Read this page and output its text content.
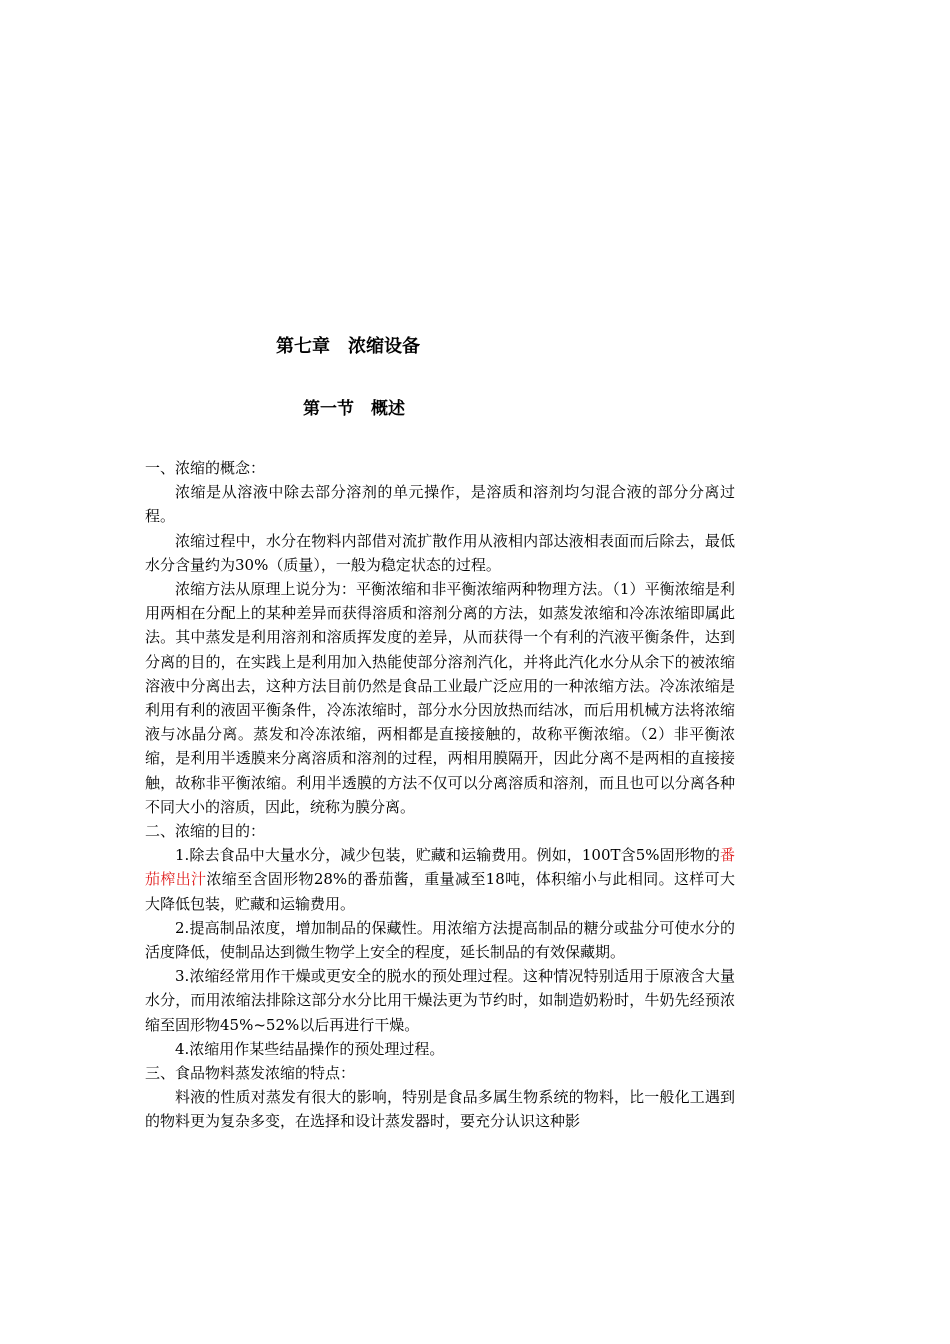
第七章　浓缩设备
第一节　概述

一、浓缩的概念：

浓缩是从溶液中除去部分溶剂的单元操作，是溶质和溶剂均匀混合液的部分分离过程。

浓缩过程中，水分在物料内部借对流扩散作用从液相内部达液相表面而后除去，最低水分含量约为30%（质量），一般为稳定状态的过程。

浓缩方法从原理上说分为：平衡浓缩和非平衡浓缩两种物理方法。（1）平衡浓缩是利用两相在分配上的某种差异而获得溶质和溶剂分离的方法，如蒸发浓缩和冷冻浓缩即属此法。其中蒸发是利用溶剂和溶质挥发度的差异，从而获得一个有利的汽液平衡条件，达到分离的目的，在实践上是利用加入热能使部分溶剂汽化，并将此汽化水分从余下的被浓缩溶液中分离出去，这种方法目前仍然是食品工业最广泛应用的一种浓缩方法。冷冻浓缩是利用有利的液固平衡条件，冷冻浓缩时，部分水分因放热而结冰，而后用机械方法将浓缩液与冰晶分离。蒸发和冷冻浓缩，两相都是直接接触的，故称平衡浓缩。（2）非平衡浓缩，是利用半透膜来分离溶质和溶剂的过程，两相用膜隔开，因此分离不是两相的直接接触，故称非平衡浓缩。利用半透膜的方法不仅可以分离溶质和溶剂，而且也可以分离各种不同大小的溶质，因此，统称为膜分离。

二、浓缩的目的：

1.除去食品中大量水分，减少包装，贮藏和运输费用。例如，100T含5%固形物的番茄榨出汁浓缩至含固形物28%的番茄酱，重量减至18吨，体积缩小与此相同。这样可大大降低包装，贮藏和运输费用。

2.提高制品浓度，增加制品的保藏性。用浓缩方法提高制品的糖分或盐分可使水分的活度降低，使制品达到微生物学上安全的程度，延长制品的有效保藏期。

3.浓缩经常用作干燥或更安全的脱水的预处理过程。这种情况特别适用于原液含大量水分，而用浓缩法排除这部分水分比用干燥法更为节约时，如制造奶粉时，牛奶先经预浓缩至固形物45%~52%以后再进行干燥。

4.浓缩用作某些结晶操作的预处理过程。

三、食品物料蒸发浓缩的特点：

料液的性质对蒸发有很大的影响，特别是食品多属生物系统的物料，比一般化工遇到的物料更为复杂多变，在选择和设计蒸发器时，要充分认识这种影
